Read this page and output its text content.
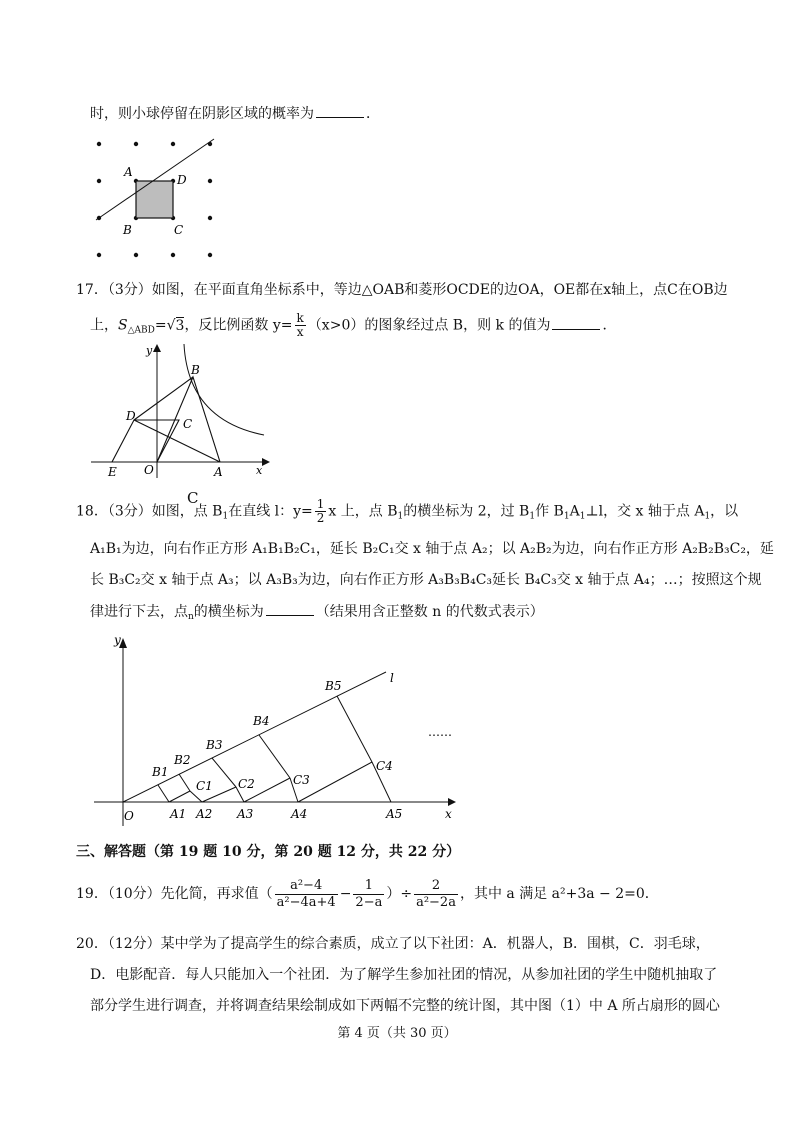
时，则小球停留在阴影区域的概率为	．
A
D
B	C
17．（3分）如图，在平面直角坐标系中，等边△OAB和菱形OCDE的边OA，OE都在x轴上，点C在OB边
上，$S_{\triangle ABD}=√3$，反比例函数 $y= \frac{k}{x} (x>0)$的图象经过点 B，则 k 的值为	．
y
x
D
B
C
E O	A
C
18．（3分）如图，点 $B_1$在直线 l：$y= \frac{1}{2}$ x 上，点 $B_1$的横坐标为 2，过 $B_1$作 $B_1A_1\perp l$，交 x 轴于点 $A_1$，以
A₁B₁为边，向右作正方形 A₁B₁B₂C₁，延长 B₂C₁交 x 轴于点 A₂；以 A₂B₂为边，向右作正方形 A₂B₂B₃C₂，延
长 B₃C₂交 x 轴于点 A₃；以 A₃B₃为边，向右作正方形 A₃B₃B₄C₃延长 B₄C₃交 x 轴于点 A₄；…；按照这个规
律进行下去，点$_n$的横坐标为	（结果用含正整数 n 的代数式表示）
y
x
l
O
……
B1
B2
B3
B4
B5
C1 C2	C3
C4
A1 A2 A3	A4	A5
三、解答题（第 19 题 10 分，第 20 题 12 分，共 22 分）
19．（10分）先化简，再求值（ $\frac{\text{a²−4}}{\text{a²−4a+4}} - \frac{1}{2-a}$ ）÷ $\frac{2}{\text{a²−2a}}$ ，其中 a 满足 a²+3a − 2=0．
20．（12分）某中学为了提高学生的综合素质，成立了以下社团：A．机器人，B．围棋，C．羽毛球，
D．电影配音．每人只能加入一个社团．为了解学生参加社团的情况，从参加社团的学生中随机抽取了
部分学生进行调查，并将调查结果绘制成如下两幅不完整的统计图，其中图（1）中 A 所占扇形的圆心
第 4 页（共 30 页）
